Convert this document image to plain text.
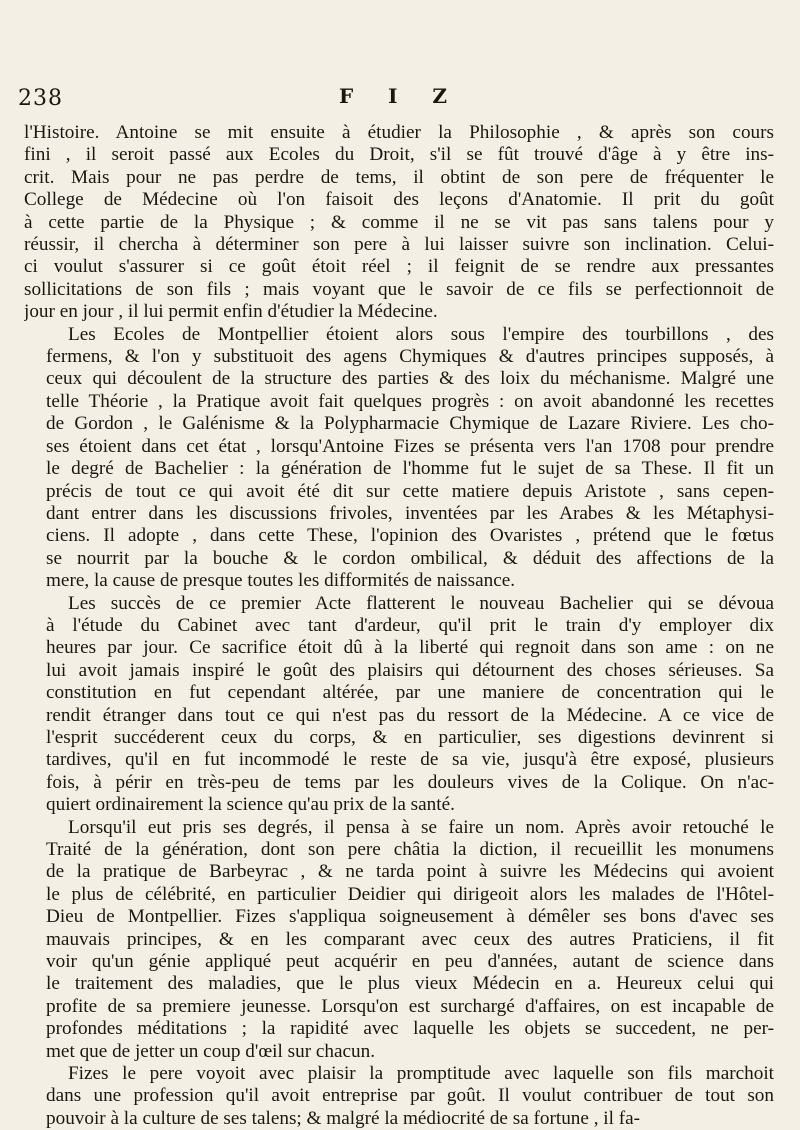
238	F I Z

l'Histoire. Antoine se mit ensuite à étudier la Philosophie , & après son cours
fini , il seroit passé aux Ecoles du Droit, s'il se fût trouvé d'âge à y être ins-
crit. Mais pour ne pas perdre de tems, il obtint de son pere de fréquenter le
College de Médecine où l'on faisoit des leçons d'Anatomie. Il prit du goût
à cette partie de la Physique ; & comme il ne se vit pas sans talens pour y
réussir, il chercha à déterminer son pere à lui laisser suivre son inclination. Celui-
ci voulut s'assurer si ce goût étoit réel ; il feignit de se rendre aux pressantes
sollicitations de son fils ; mais voyant que le savoir de ce fils se perfectionnoit de
jour en jour , il lui permit enfin d'étudier la Médecine.

Les Ecoles de Montpellier étoient alors sous l'empire des tourbillons , des
fermens, & l'on y substituoit des agens Chymiques & d'autres principes supposés, à
ceux qui découlent de la structure des parties & des loix du méchanisme. Malgré une
telle Théorie , la Pratique avoit fait quelques progrès : on avoit abandonné les recettes
de Gordon , le Galénisme & la Polypharmacie Chymique de Lazare Riviere. Les cho-
ses étoient dans cet état , lorsqu'Antoine Fizes se présenta vers l'an 1708 pour prendre
le degré de Bachelier : la génération de l'homme fut le sujet de sa These. Il fit un
précis de tout ce qui avoit été dit sur cette matiere depuis Aristote , sans cepen-
dant entrer dans les discussions frivoles, inventées par les Arabes & les Métaphysi-
ciens. Il adopte , dans cette These, l'opinion des Ovaristes , prétend que le fœtus
se nourrit par la bouche & le cordon ombilical, & déduit des affections de la
mere, la cause de presque toutes les difformités de naissance.

Les succès de ce premier Acte flatterent le nouveau Bachelier qui se dévoua
à l'étude du Cabinet avec tant d'ardeur, qu'il prit le train d'y employer dix
heures par jour. Ce sacrifice étoit dû à la liberté qui regnoit dans son ame : on ne
lui avoit jamais inspiré le goût des plaisirs qui détournent des choses sérieuses. Sa
constitution en fut cependant altérée, par une maniere de concentration qui le
rendit étranger dans tout ce qui n'est pas du ressort de la Médecine. A ce vice de
l'esprit succéderent ceux du corps, & en particulier, ses digestions devinrent si
tardives, qu'il en fut incommodé le reste de sa vie, jusqu'à être exposé, plusieurs
fois, à périr en très-peu de tems par les douleurs vives de la Colique. On n'ac-
quiert ordinairement la science qu'au prix de la santé.

Lorsqu'il eut pris ses degrés, il pensa à se faire un nom. Après avoir retouché le
Traité de la génération, dont son pere châtia la diction, il recueillit les monumens
de la pratique de Barbeyrac , & ne tarda point à suivre les Médecins qui avoient
le plus de célébrité, en particulier Deidier qui dirigeoit alors les malades de l'Hôtel-
Dieu de Montpellier. Fizes s'appliqua soigneusement à démêler ses bons d'avec ses
mauvais principes, & en les comparant avec ceux des autres Praticiens, il fit
voir qu'un génie appliqué peut acquérir en peu d'années, autant de science dans
le traitement des maladies, que le plus vieux Médecin en a. Heureux celui qui
profite de sa premiere jeunesse. Lorsqu'on est surchargé d'affaires, on est incapable de
profondes méditations ; la rapidité avec laquelle les objets se succedent, ne per-
met que de jetter un coup d'œil sur chacun.

Fizes le pere voyoit avec plaisir la promptitude avec laquelle son fils marchoit
dans une profession qu'il avoit entreprise par goût. Il voulut contribuer de tout son
pouvoir à la culture de ses talens; & malgré la médiocrité de sa fortune , il fa-
